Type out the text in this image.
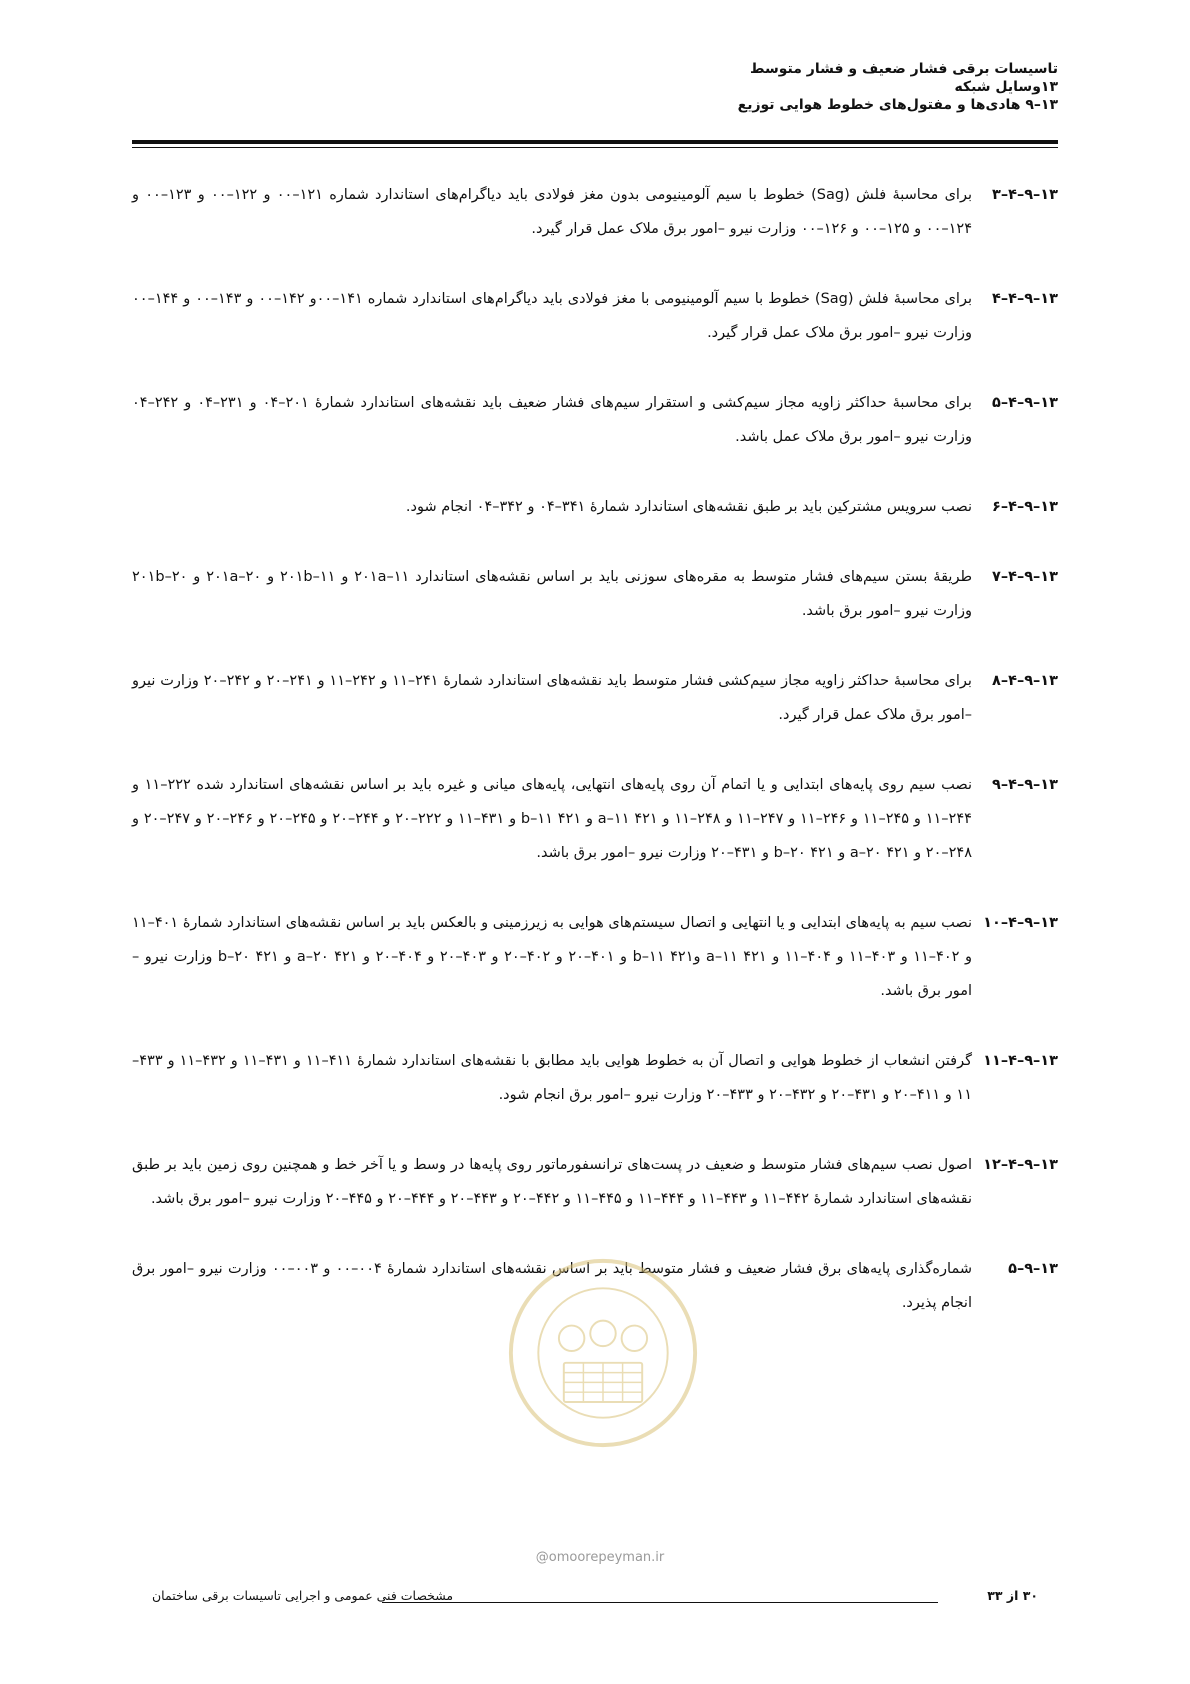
تاسیسات برقی فشار ضعیف و فشار متوسط
۱۳وسایل شبکه
۱۳–۹ هادی‌ها و مفتول‌های خطوط هوایی توزیع
۱۳–۹–۴–۳
برای محاسبهٔ فلش (Sag) خطوط با سیم آلومینیومی بدون مغز فولادی باید دیاگرام‌های استاندارد شماره ۱۲۱–۰۰ و ۱۲۲–۰۰ و ۱۲۳–۰۰ و ۱۲۴–۰۰ و ۱۲۵–۰۰ و ۱۲۶–۰۰ وزارت نیرو –امور برق ملاک عمل قرار گیرد.
۱۳–۹–۴–۴
برای محاسبهٔ فلش (Sag) خطوط با سیم آلومینیومی با مغز فولادی باید دیاگرام‌های استاندارد شماره ۱۴۱–۰۰و ۱۴۲–۰۰ و ۱۴۳–۰۰ و ۱۴۴–۰۰ وزارت نیرو –امور برق ملاک عمل قرار گیرد.
۱۳–۹–۴–۵
برای محاسبهٔ حداکثر زاویه مجاز سیم‌کشی و استقرار سیم‌های فشار ضعیف باید نقشه‌های استاندارد شمارهٔ ۲۰۱–۰۴ و ۲۳۱–۰۴ و ۲۴۲–۰۴ وزارت نیرو –امور برق ملاک عمل باشد.
۱۳–۹–۴–۶
نصب سرویس مشترکین باید بر طبق نقشه‌های استاندارد شمارهٔ ۳۴۱–۰۴ و ۳۴۲–۰۴ انجام شود.
۱۳–۹–۴–۷
طریقهٔ بستن سیم‌های فشار متوسط به مقره‌های سوزنی باید بر اساس نقشه‌های استاندارد ۲۰۱a–۱۱ و ۲۰۱b–۱۱ و ۲۰۱a–۲۰ و ۲۰۱b–۲۰ وزارت نیرو –امور برق باشد.
۱۳–۹–۴–۸
برای محاسبهٔ حداکثر زاویه مجاز سیم‌کشی فشار متوسط باید نقشه‌های استاندارد شمارهٔ ۲۴۱–۱۱ و ۲۴۲–۱۱ و ۲۴۱–۲۰ و ۲۴۲–۲۰ وزارت نیرو –امور برق ملاک عمل قرار گیرد.
۱۳–۹–۴–۹
نصب سیم روی پایه‌های ابتدایی و یا اتمام آن روی پایه‌های انتهایی، پایه‌های میانی و غیره باید بر اساس نقشه‌های استاندارد شده ۲۲۲–۱۱ و ۲۴۴–۱۱ و ۲۴۵–۱۱ و ۲۴۶–۱۱ و ۲۴۷–۱۱ و ۲۴۸–۱۱ و ۴۲۱ a–۱۱ و ۴۲۱ b–۱۱ و ۴۳۱–۱۱ و ۲۲۲–۲۰ و ۲۴۴–۲۰ و ۲۴۵–۲۰ و ۲۴۶–۲۰ و ۲۴۷–۲۰ و ۲۴۸–۲۰ و ۴۲۱ a–۲۰ و ۴۲۱ b–۲۰ و ۴۳۱–۲۰ وزارت نیرو –امور برق باشد.
۱۳–۹–۴–۱۰
نصب سیم به پایه‌های ابتدایی و یا انتهایی و اتصال سیستم‌های هوایی به زیرزمینی و بالعکس باید بر اساس نقشه‌های استاندارد شمارهٔ ۴۰۱–۱۱ و ۴۰۲–۱۱ و ۴۰۳–۱۱ و ۴۰۴–۱۱ و ۴۲۱ a–۱۱ و۴۲۱ b–۱۱ و ۴۰۱–۲۰ و ۴۰۲–۲۰ و ۴۰۳–۲۰ و ۴۰۴–۲۰ و ۴۲۱ a–۲۰ و ۴۲۱ b–۲۰ وزارت نیرو –امور برق باشد.
۱۳–۹–۴–۱۱
گرفتن انشعاب از خطوط هوایی و اتصال آن به خطوط هوایی باید مطابق با نقشه‌های استاندارد شمارهٔ ۴۱۱–۱۱ و ۴۳۱–۱۱ و ۴۳۲–۱۱ و ۴۳۳–۱۱ و ۴۱۱–۲۰ و ۴۳۱–۲۰ و ۴۳۲–۲۰ و ۴۳۳–۲۰ وزارت نیرو –امور برق انجام شود.
۱۳–۹–۴–۱۲
اصول نصب سیم‌های فشار متوسط و ضعیف در پست‌های ترانسفورماتور روی پایه‌ها در وسط و یا آخر خط و همچنین روی زمین باید بر طبق نقشه‌های استاندارد شمارهٔ ۴۴۲–۱۱ و ۴۴۳–۱۱ و ۴۴۴–۱۱ و ۴۴۵–۱۱ و ۴۴۲–۲۰ و ۴۴۳–۲۰ و ۴۴۴–۲۰ و ۴۴۵–۲۰ وزارت نیرو –امور برق باشد.
۱۳–۹–۵
شماره‌گذاری پایه‌های برق فشار ضعیف و فشار متوسط باید بر اساس نقشه‌های استاندارد شمارهٔ ۰۰۴–۰۰ و ۰۰۳–۰۰ وزارت نیرو –امور برق انجام پذیرد.
@omoorepeyman.ir
۳۰ از ۳۳
مشخصات فنی عمومی و اجرایی تاسیسات برقی ساختمان
